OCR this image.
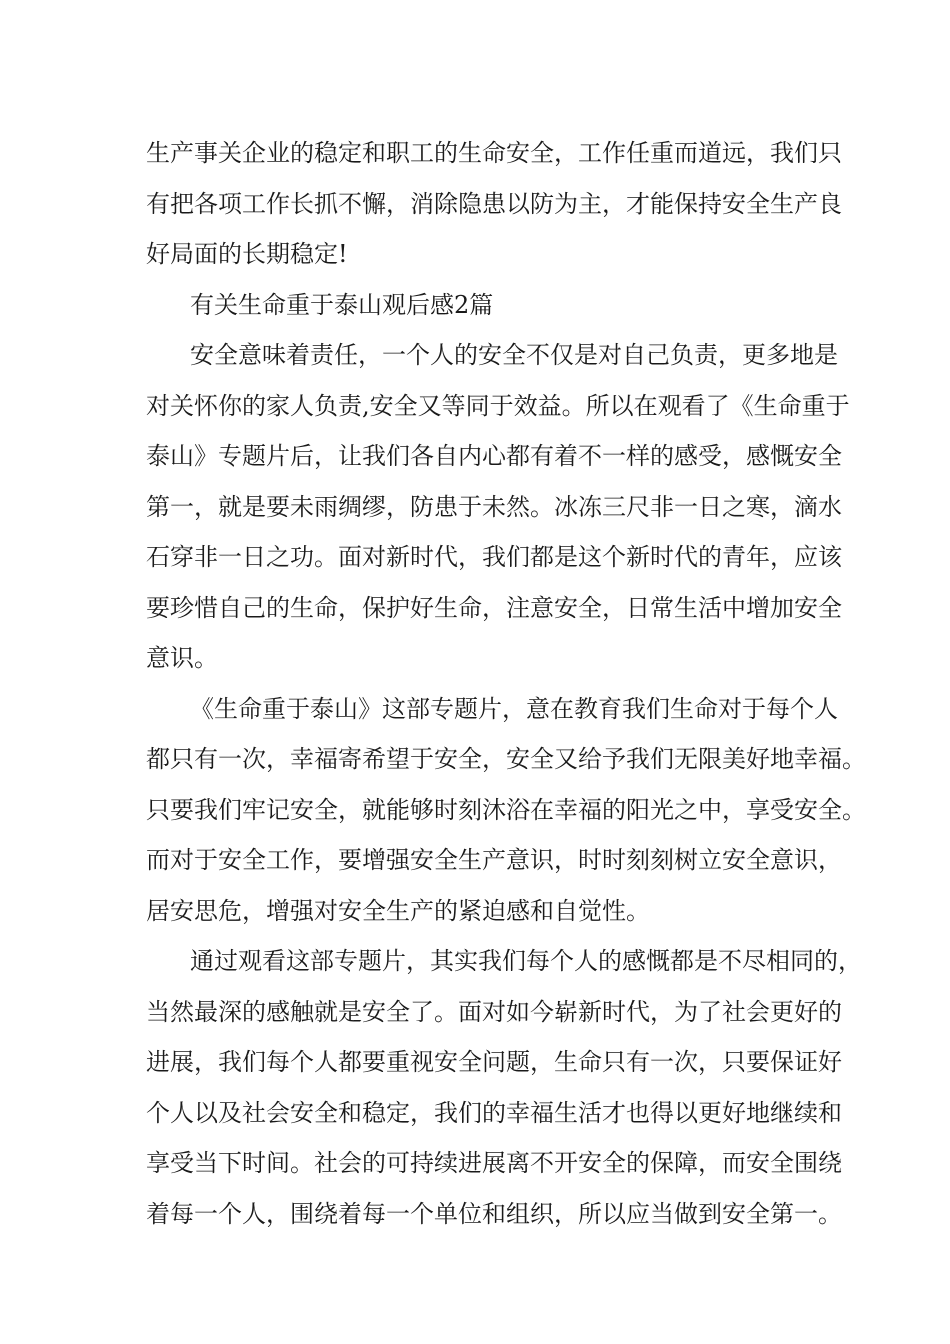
生产事关企业的稳定和职工的生命安全，工作任重而道远，我们只
有把各项工作长抓不懈，消除隐患以防为主，才能保持安全生产良
好局面的长期稳定!
有关生命重于泰山观后感2篇
安全意味着责任，一个人的安全不仅是对自己负责，更多地是
对关怀你的家人负责,安全又等同于效益。所以在观看了《生命重于
泰山》专题片后，让我们各自内心都有着不一样的感受，感慨安全
第一，就是要未雨绸缪，防患于未然。冰冻三尺非一日之寒，滴水
石穿非一日之功。面对新时代，我们都是这个新时代的青年，应该
要珍惜自己的生命，保护好生命，注意安全，日常生活中增加安全
意识。
《生命重于泰山》这部专题片，意在教育我们生命对于每个人
都只有一次，幸福寄希望于安全，安全又给予我们无限美好地幸福。
只要我们牢记安全，就能够时刻沐浴在幸福的阳光之中，享受安全。
而对于安全工作，要增强安全生产意识，时时刻刻树立安全意识，
居安思危，增强对安全生产的紧迫感和自觉性。
通过观看这部专题片，其实我们每个人的感慨都是不尽相同的，
当然最深的感触就是安全了。面对如今崭新时代，为了社会更好的
进展，我们每个人都要重视安全问题，生命只有一次，只要保证好
个人以及社会安全和稳定，我们的幸福生活才也得以更好地继续和
享受当下时间。社会的可持续进展离不开安全的保障，而安全围绕
着每一个人，围绕着每一个单位和组织，所以应当做到安全第一。
